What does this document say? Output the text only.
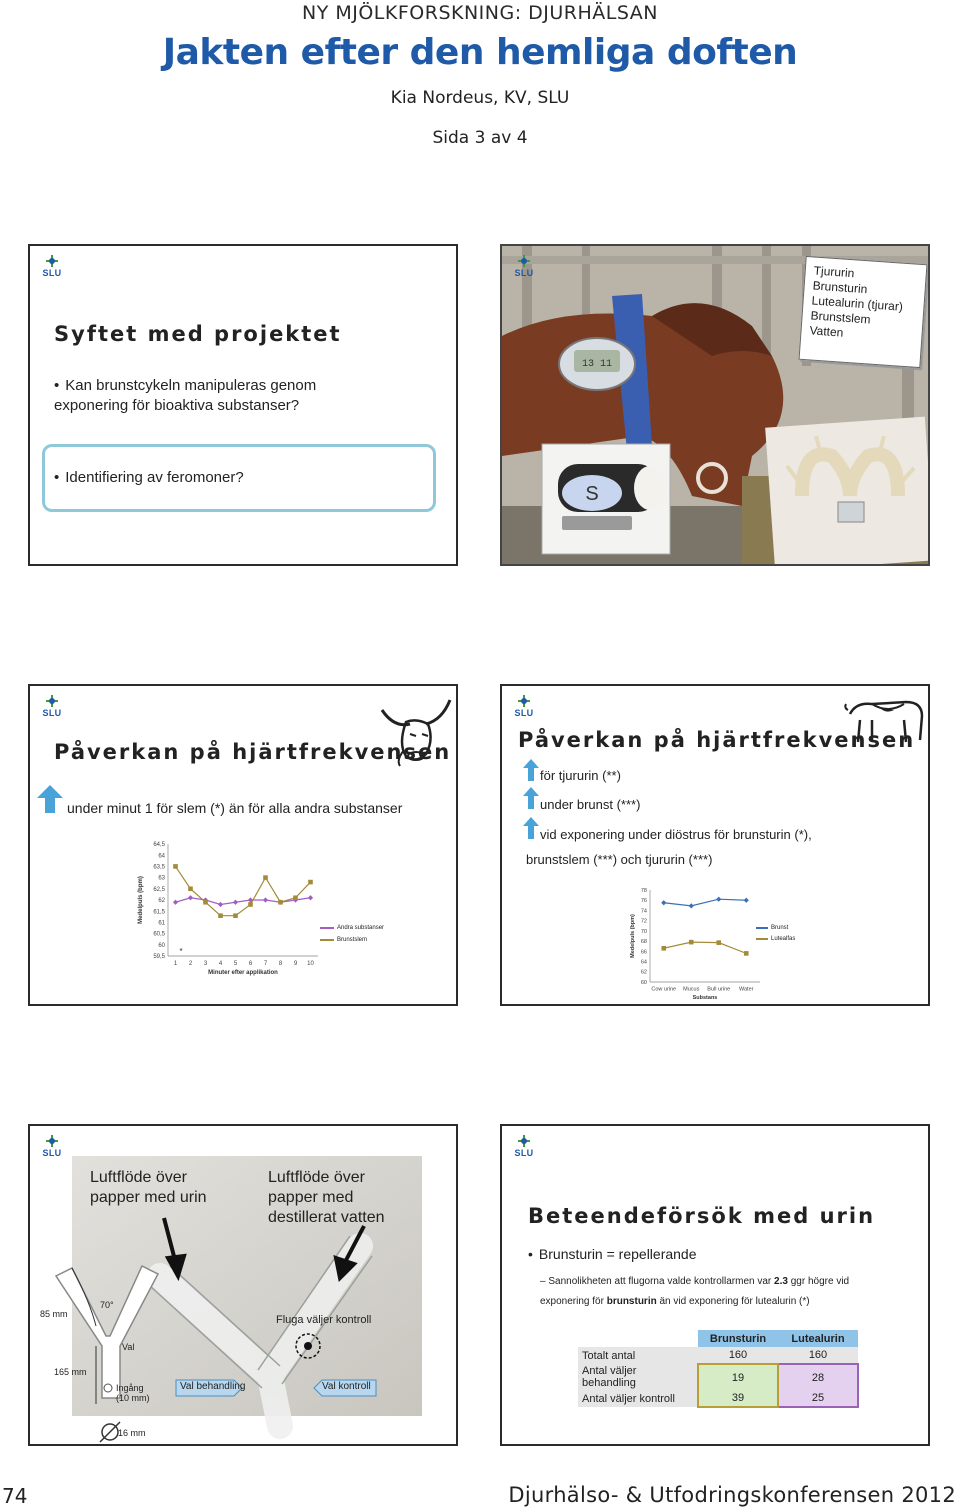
NY MJÖLKFORSKNING: DJURHÄLSAN
Jakten efter den hemliga doften
Kia Nordeus, KV, SLU
Sida 3 av 4
SLU
Syftet med projektet
• Kan brunstcykeln manipuleras genom exponering för bioaktiva substanser?
• Identifiering av feromoner?
13 11
S
Tjururin
Brunsturin
Lutealurin (tjurar)
Brunstslem
Vatten
SLU
SLU
Påverkan på hjärtfrekvensen
under minut 1 för slem (*) än för alla andra substanser
59,5
60
60,5
61
61,5
62
62,5
63
63,5
64
64,5
1 2 3 4 5 6 7 8 9 10
Medelpuls (bpm)
Minuter efter applikation
*
Andra substanser
Brunstslem
SLU
Påverkan på hjärtfrekvensen
för tjururin (**)
under brunst (***)
vid exponering under diöstrus för brunsturin (*),
brunstslem (***) och tjururin (***)
60
62
64
66
68
70
72
74
76
78
Cow urine Mucus Bull urine Water
Medelpuls (bpm)
Substans
Brunst
Lutealfas
SLU
Luftflöde över papper med urin
Luftflöde över papper med destillerat vatten
Fluga väljer kontroll
Val behandling	Val kontroll
70°
85 mm
165 mm
Val
Ingång
(10 mm)
16 mm
SLU
Beteendeförsök med urin
• Brunsturin = repellerande
– Sannolikheten att flugorna valde kontrollarmen var 2.3 ggr högre vid exponering för brunsturin än vid exponering för lutealurin (*)
	Brunsturin	Lutealurin
Totalt antal	160	160
Antal väljer behandling	19	28
Antal väljer kontroll	39	25
74	Djurhälso- & Utfodringskonferensen 2012
